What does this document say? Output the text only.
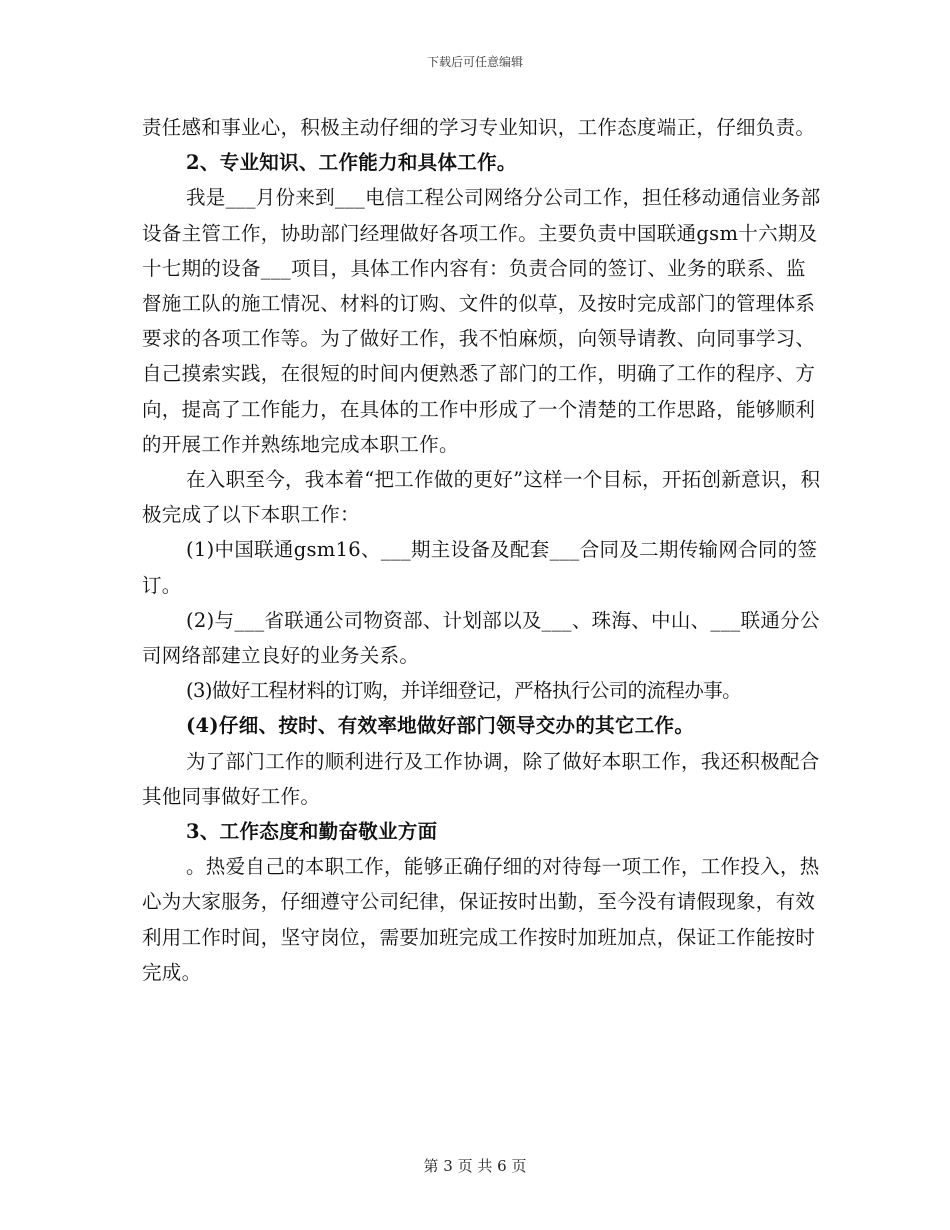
下载后可任意编辑

责任感和事业心，积极主动仔细的学习专业知识，工作态度端正，仔细负责。

2、专业知识、工作能力和具体工作。

我是___月份来到___电信工程公司网络分公司工作，担任移动通信业务部设备主管工作，协助部门经理做好各项工作。主要负责中国联通gsm十六期及十七期的设备___项目，具体工作内容有：负责合同的签订、业务的联系、监督施工队的施工情况、材料的订购、文件的似草，及按时完成部门的管理体系要求的各项工作等。为了做好工作，我不怕麻烦，向领导请教、向同事学习、自己摸索实践，在很短的时间内便熟悉了部门的工作，明确了工作的程序、方向，提高了工作能力，在具体的工作中形成了一个清楚的工作思路，能够顺利的开展工作并熟练地完成本职工作。

在入职至今，我本着“把工作做的更好”这样一个目标，开拓创新意识，积极完成了以下本职工作：

(1)中国联通gsm16、___期主设备及配套___合同及二期传输网合同的签订。

(2)与___省联通公司物资部、计划部以及___、珠海、中山、___联通分公司网络部建立良好的业务关系。

(3)做好工程材料的订购，并详细登记，严格执行公司的流程办事。

(4)仔细、按时、有效率地做好部门领导交办的其它工作。

为了部门工作的顺利进行及工作协调，除了做好本职工作，我还积极配合其他同事做好工作。

3、工作态度和勤奋敬业方面

。热爱自己的本职工作，能够正确仔细的对待每一项工作，工作投入，热心为大家服务，仔细遵守公司纪律，保证按时出勤，至今没有请假现象，有效利用工作时间，坚守岗位，需要加班完成工作按时加班加点，保证工作能按时完成。

第 3 页 共 6 页
